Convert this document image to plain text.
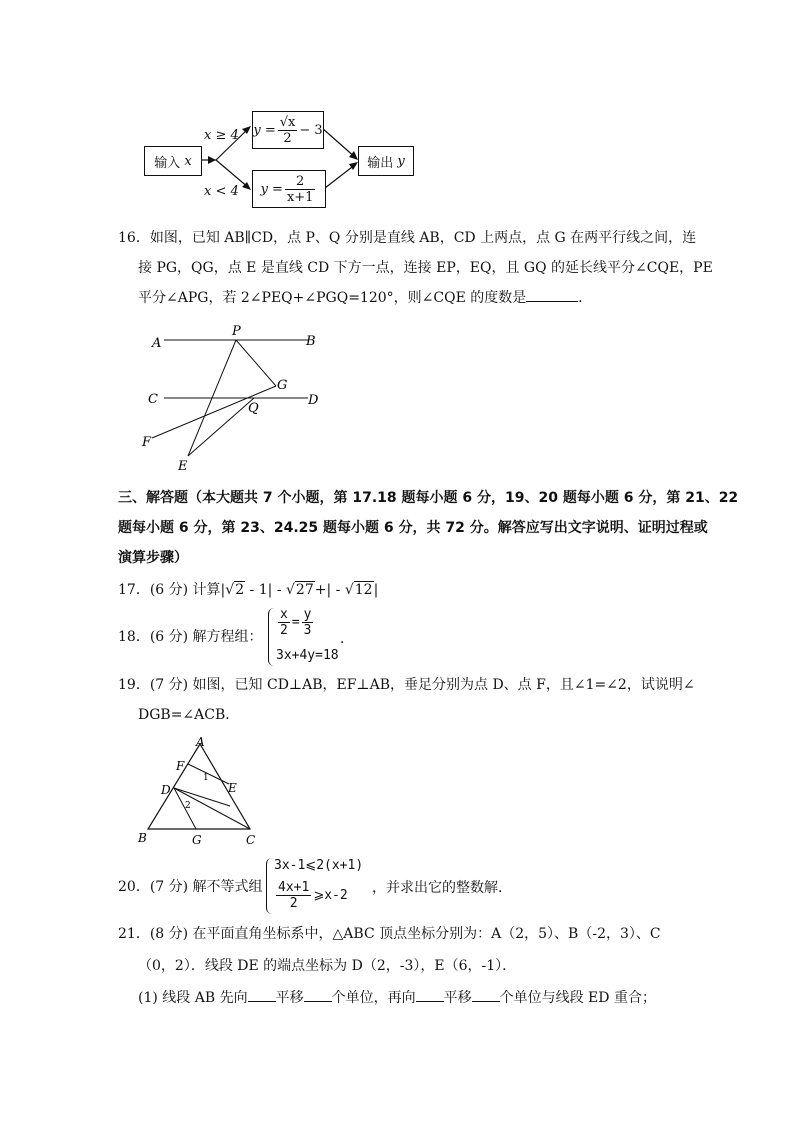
输入
x
x ≥ 4
x < 4
$y = \frac{√x}{2} - 3$
$y = \frac{2}{x+1}$
输出
y
16．如图，已知 AB∥CD，点 P、Q 分别是直线 AB，CD 上两点，点 G 在两平行线之间，连
接 PG，QG，点 E 是直线 CD 下方一点，连接 EP，EQ，且 GQ 的延长线平分∠CQE，PE
平分∠APG，若 2∠PEQ+∠PGQ=120°，则∠CQE 的度数是	．
A	B
P
G
C	D
Q
F
E
三、解答题（本大题共 7 个小题，第 17.18 题每小题 6 分，19、20 题每小题 6 分，第 21、22
题每小题 6 分，第 23、24.25 题每小题 6 分，共 72 分。解答应写出文字说明、证明过程或
演算步骤）
17．(6 分) 计算|√2 - 1| - √27+| - √12|
18．(6 分) 解方程组： $\frac{x}{2} = \frac{y}{3}$
3x+4y=18
．
19．(7 分) 如图，已知 CD⊥AB，EF⊥AB，垂足分别为点 D、点 F，且∠1=∠2，试说明∠
DGB=∠ACB．
A
F
1
E
D
2
B	G	C
20．(7 分) 解不等式组
3x-1⩽2(x+1)
$\frac{4x+1}{2}$ ⩾x-2 ，并求出它的整数解．
21．(8 分) 在平面直角坐标系中，△ABC 顶点坐标分别为：A（2，5）、B（-2，3）、C
（0，2）．线段 DE 的端点坐标为 D（2，-3），E（6，-1）．
(1) 线段 AB 先向 平移 个单位，再向 平移 个单位与线段 ED 重合；
